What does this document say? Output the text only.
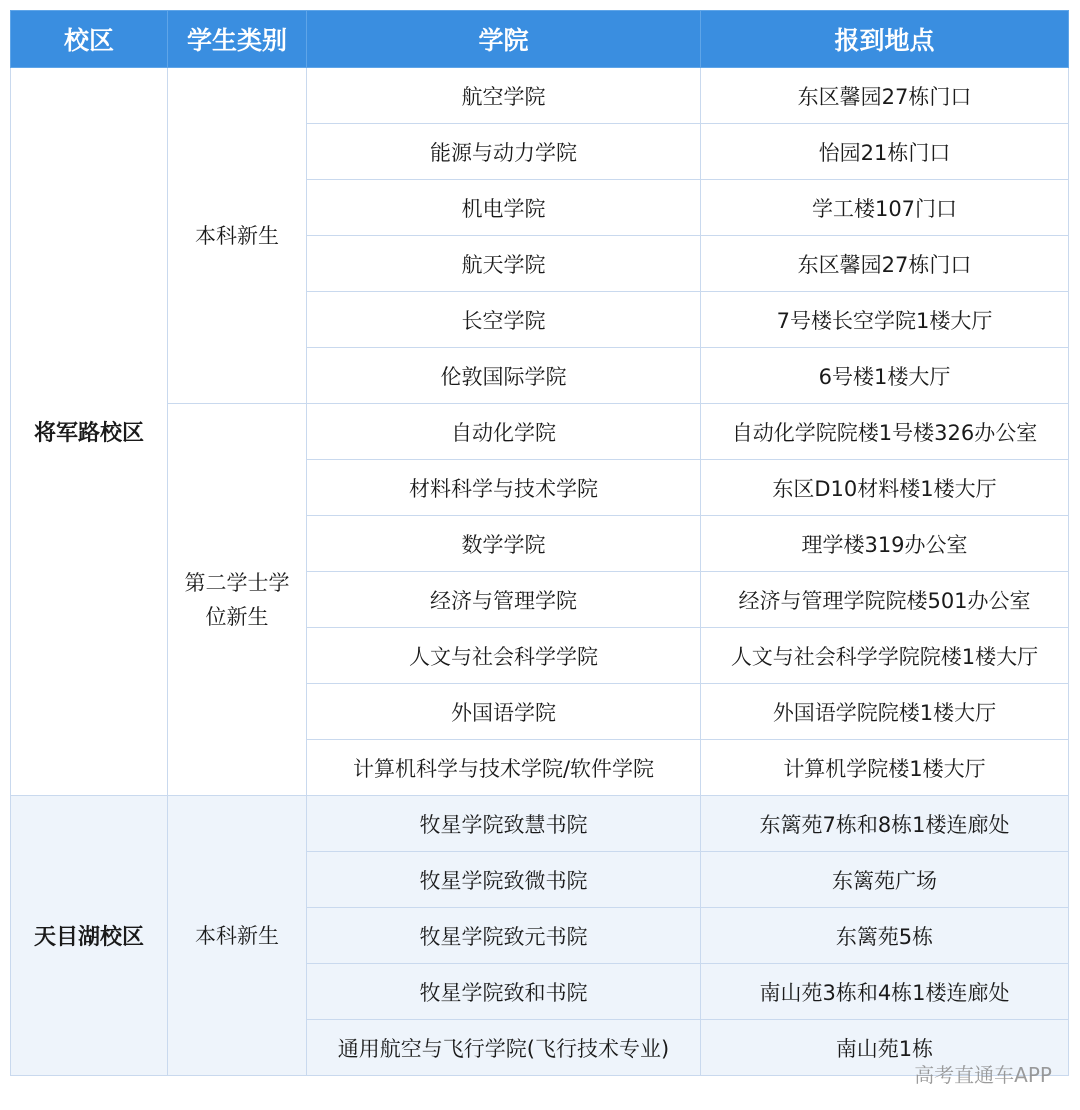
校区	学生类别	学院	报到地点
将军路校区	本科新生	航空学院	东区馨园27栋门口
		能源与动力学院	怡园21栋门口
		机电学院	学工楼107门口
		航天学院	东区馨园27栋门口
		长空学院	7号楼长空学院1楼大厅
		伦敦国际学院	6号楼1楼大厅
	第二学士学位新生	自动化学院	自动化学院院楼1号楼326办公室
		材料科学与技术学院	东区D10材料楼1楼大厅
		数学学院	理学楼319办公室
		经济与管理学院	经济与管理学院院楼501办公室
		人文与社会科学学院	人文与社会科学学院院楼1楼大厅
		外国语学院	外国语学院院楼1楼大厅
		计算机科学与技术学院/软件学院	计算机学院楼1楼大厅
天目湖校区	本科新生	牧星学院致慧书院	东篱苑7栋和8栋1楼连廊处
		牧星学院致微书院	东篱苑广场
		牧星学院致元书院	东篱苑5栋
		牧星学院致和书院	南山苑3栋和4栋1楼连廊处
		通用航空与飞行学院(飞行技术专业)	南山苑1栋
高考直通车APP
